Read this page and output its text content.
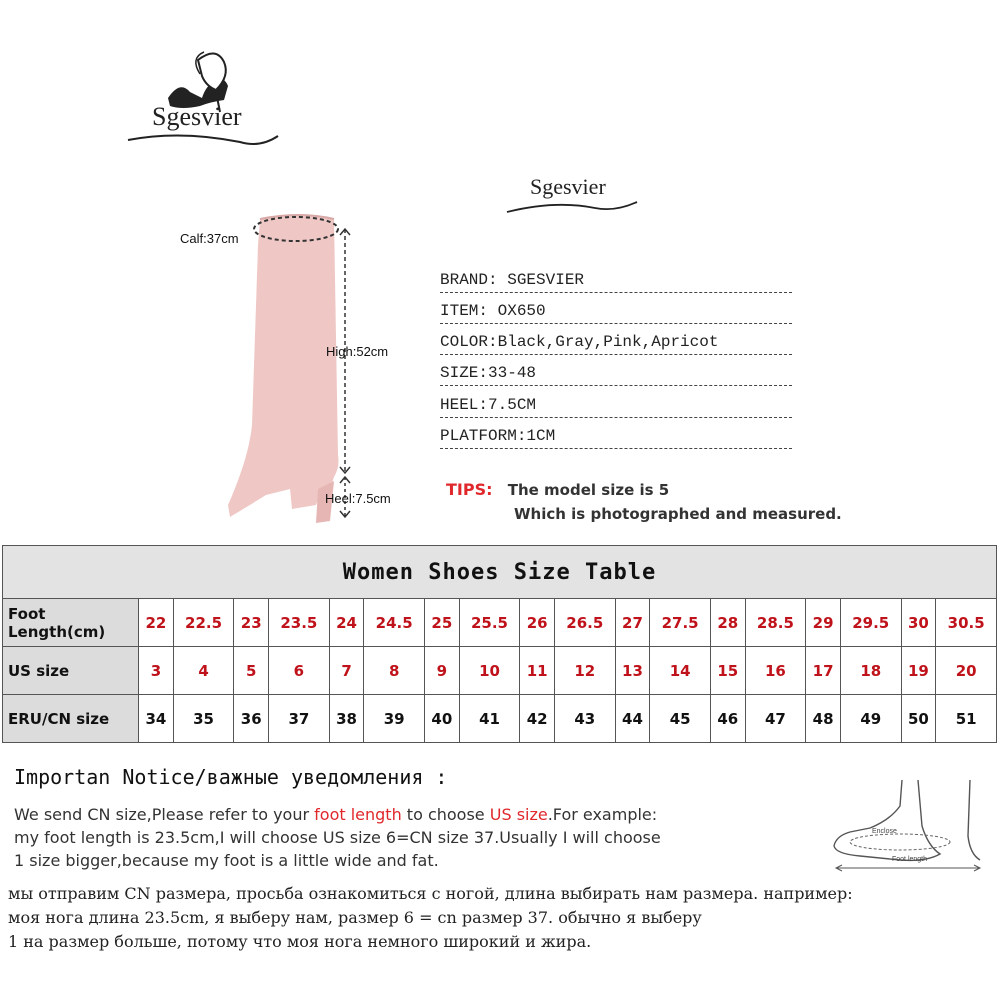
Sgesvier
Sgesvier
Calf:37cm
High:52cm
Heel:7.5cm
BRAND: SGESVIER
ITEM: OX650
COLOR:Black,Gray,Pink,Apricot
SIZE:33-48
HEEL:7.5CM
PLATFORM:1CM
TIPS: The model size is 5
Which is photographed and measured.
Women Shoes Size Table																		
Foot Length(cm)	22	22.5	23	23.5	24	24.5	25	25.5	26	26.5	27	27.5	28	28.5	29	29.5	30	30.5
US size	3	4	5	6	7	8	9	10	11	12	13	14	15	16	17	18	19	20
ERU/CN size	34	35	36	37	38	39	40	41	42	43	44	45	46	47	48	49	50	51
Importan Notice/важные уведомления :
We send CN size,Please refer to your foot length to choose US size.For example:
my foot length is 23.5cm,I will choose US size 6=CN size 37.Usually I will choose
1 size bigger,because my foot is a little wide and fat.
Enclose
Foot length
мы отправим CN размера, просьба ознакомиться с ногой, длина выбирать нам размера. например:
моя нога длина 23.5cm, я выберу нам, размер 6 = cn размер 37. обычно я выберу
1 на размер больше, потому что моя нога немного широкий и жира.
